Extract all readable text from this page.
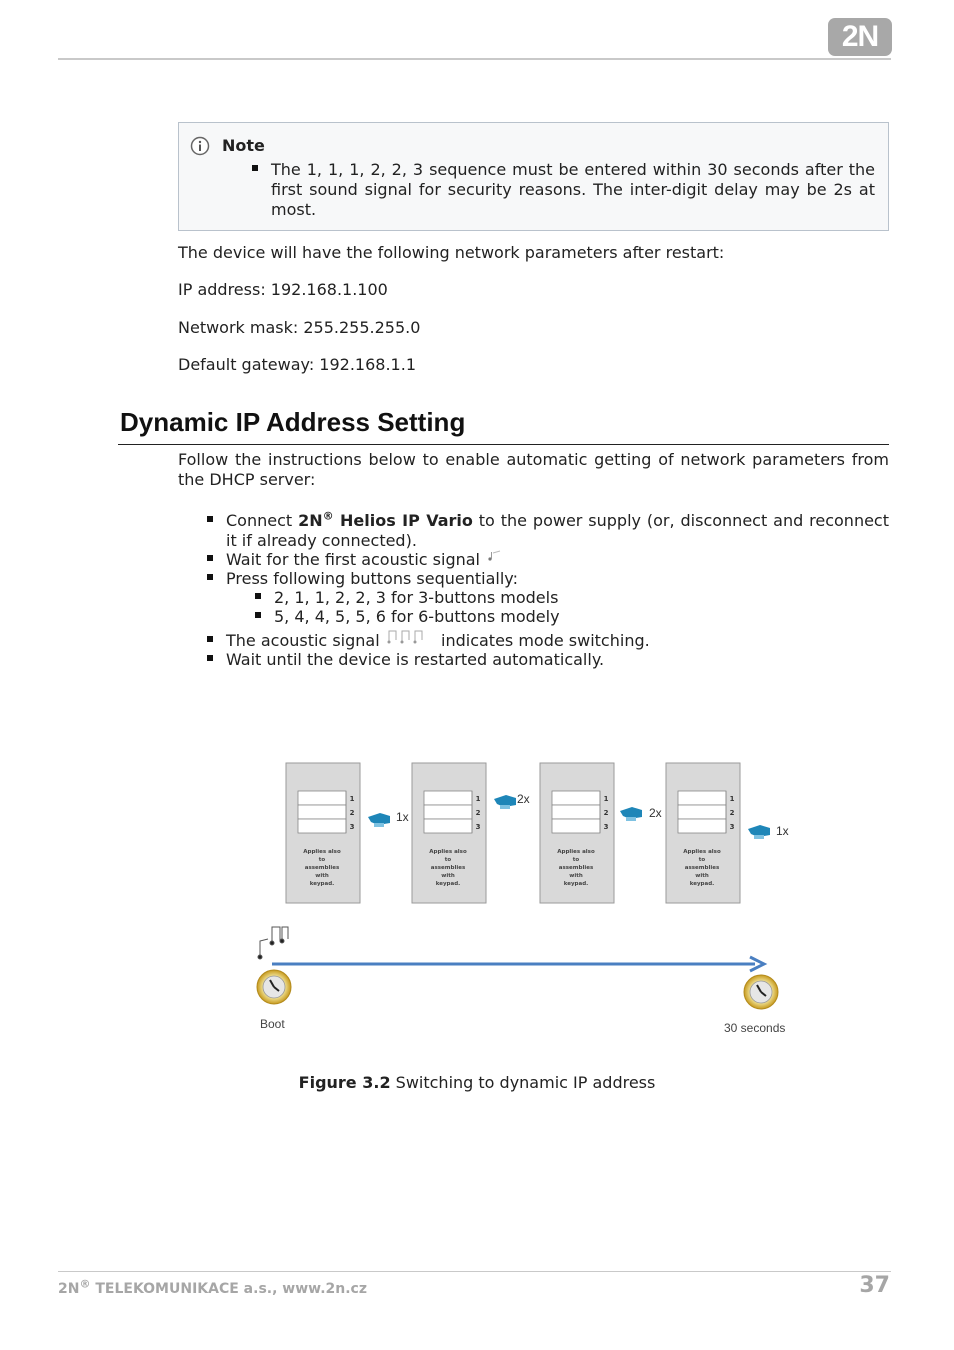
2N
Note
The 1, 1, 1, 2, 2, 3 sequence must be entered within 30 seconds after the first sound signal for security reasons. The inter-digit delay may be 2s at most.
The device will have the following network parameters after restart:
IP address: 192.168.1.100
Network mask: 255.255.255.0
Default gateway: 192.168.1.1
Dynamic IP Address Setting
Follow the instructions below to enable automatic getting of network parameters from the DHCP server:
Connect 2N® Helios IP Vario to the power supply (or, disconnect and reconnect it if already connected).
Wait for the first acoustic signal
Press following buttons sequentially:
2, 1, 1, 2, 2, 3 for 3-buttons models
5, 4, 4, 5, 5, 6 for 6-buttons modely
The acoustic signal	indicates mode switching.
Wait until the device is restarted automatically.
1
2
3
Applies also
to
assemblies
with
keypad.
1x
1
2
3
Applies also
to
assemblies
with
keypad.
2x	1
2
3
Applies also
to
assemblies
with
keypad.
2x
1
2
3
Applies also
to
assemblies
with
keypad.
1x
Boot	30 seconds
Figure 3.2 Switching to dynamic IP address
2N® TELEKOMUNIKACE a.s., www.2n.cz	37
